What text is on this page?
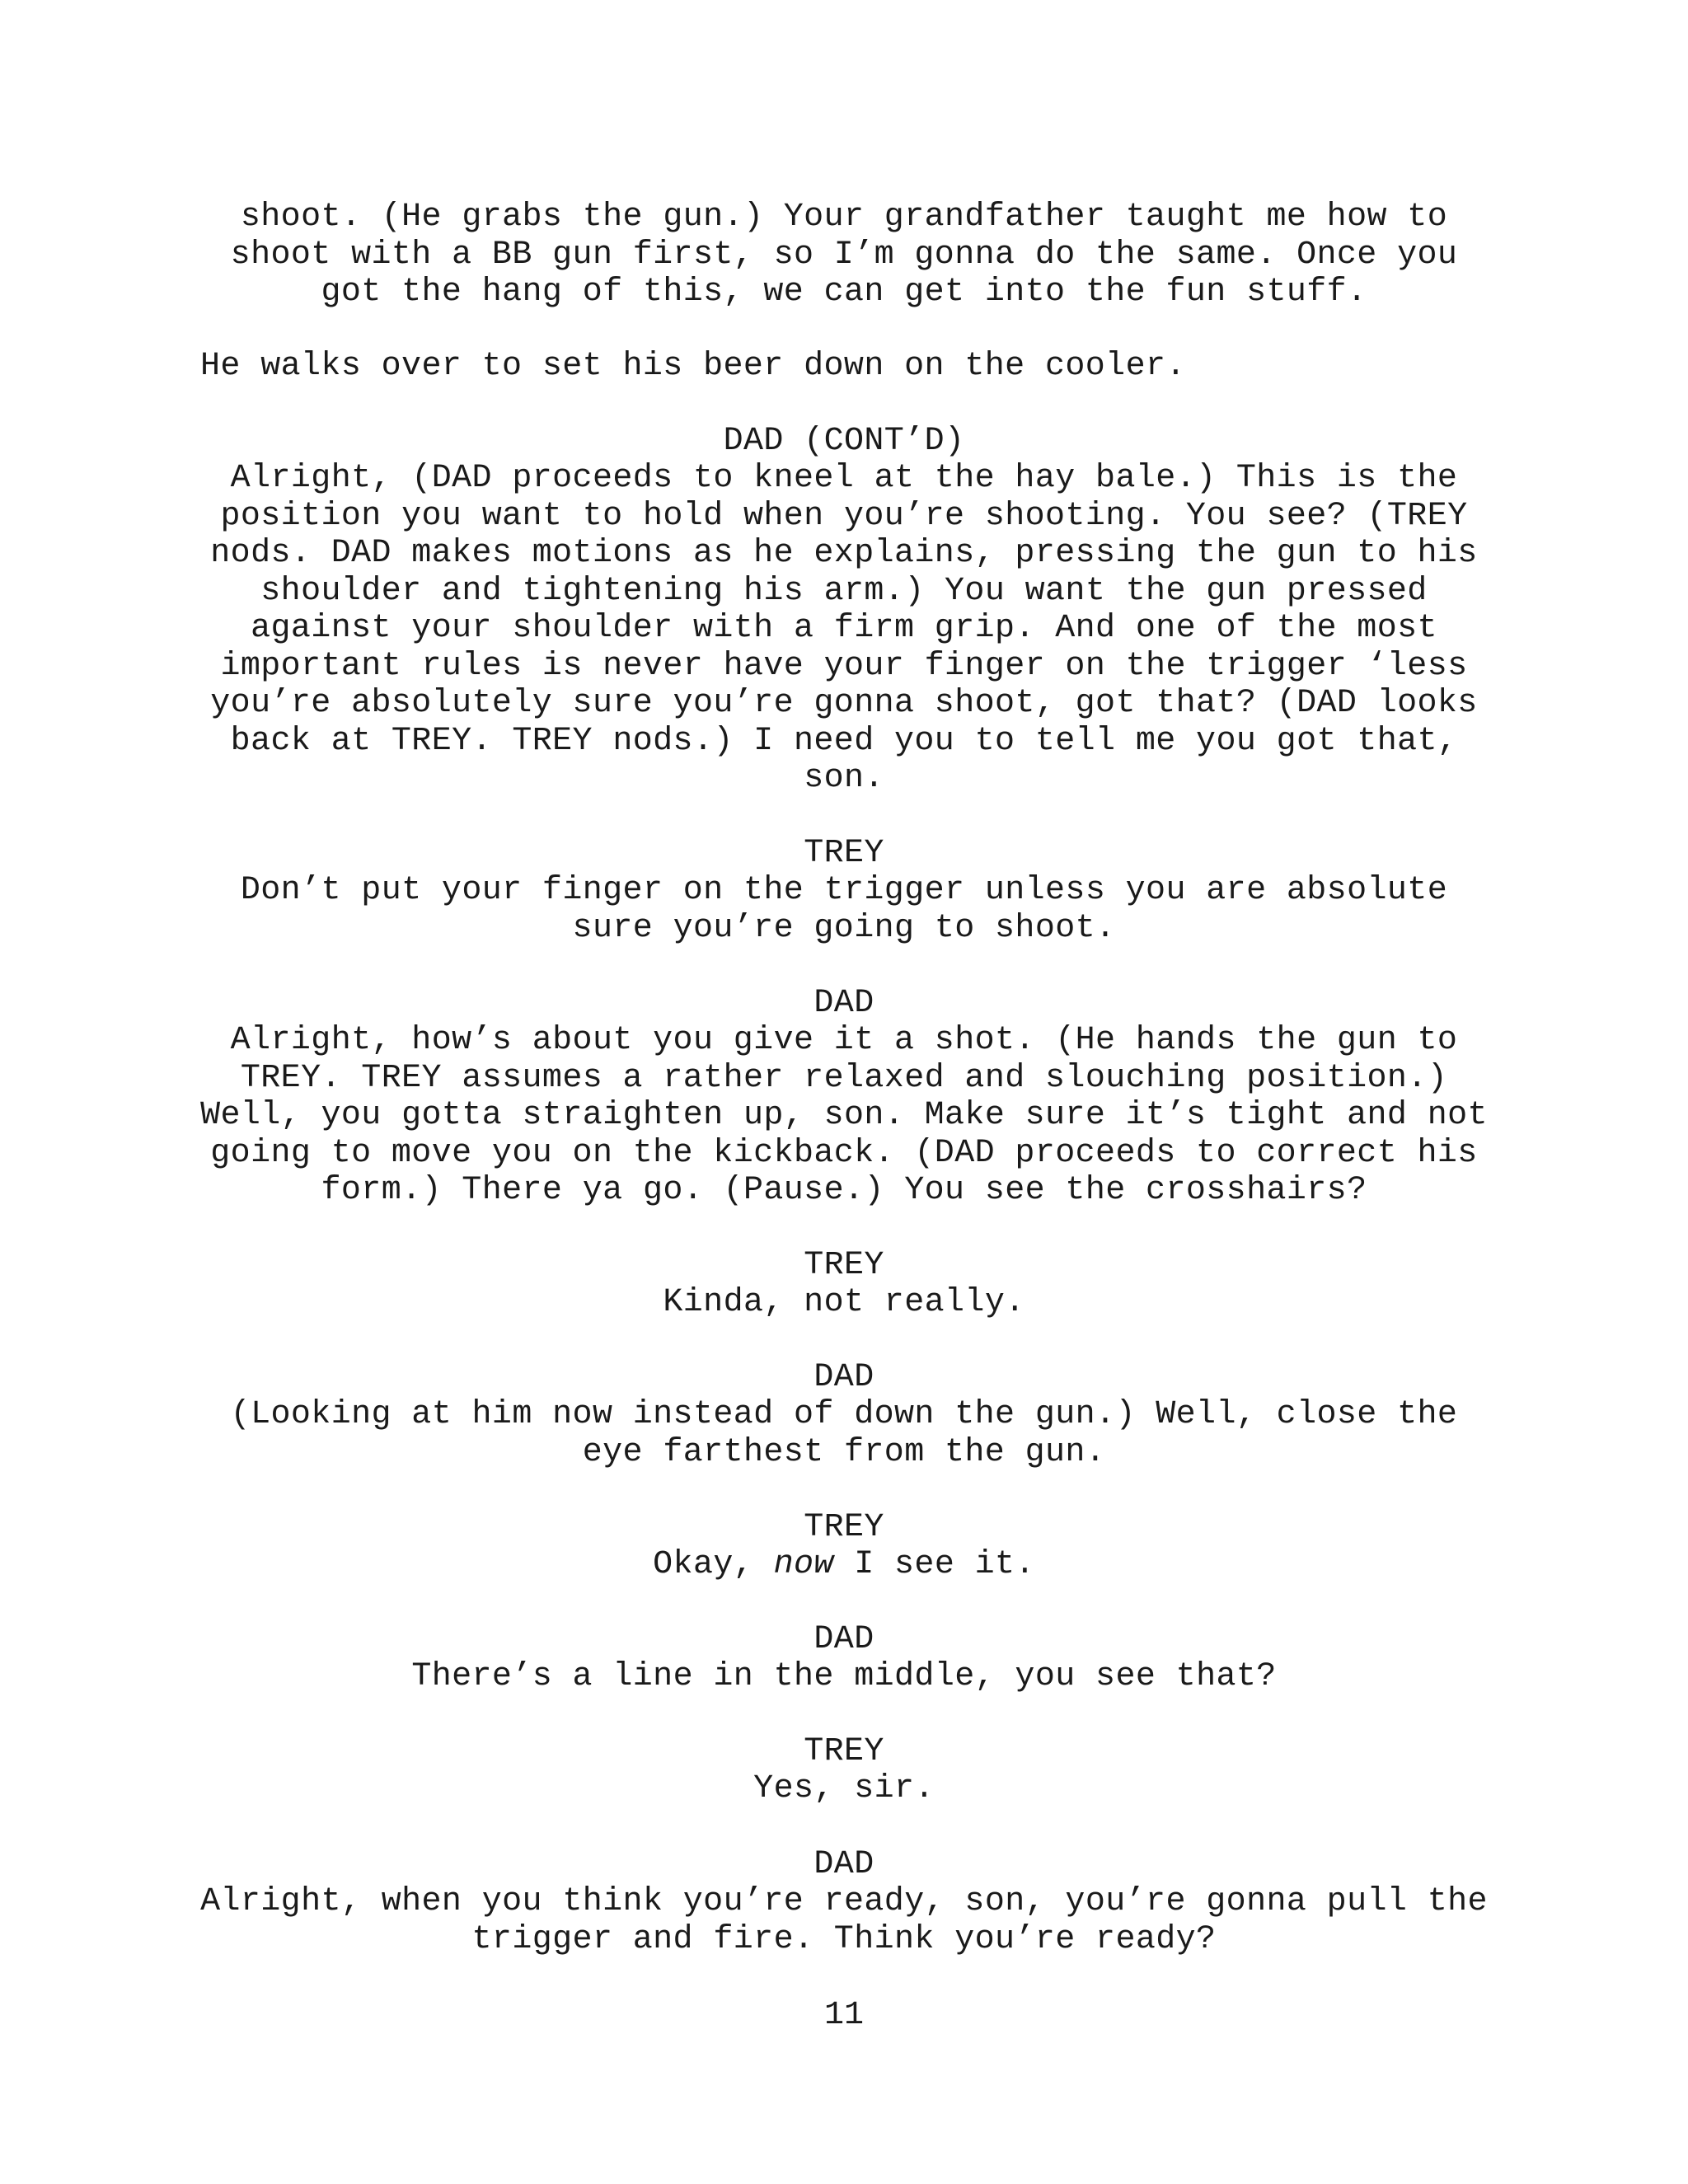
shoot. (He grabs the gun.) Your grandfather taught me how to
shoot with a BB gun first, so I’m gonna do the same. Once you
got the hang of this, we can get into the fun stuff.
He walks over to set his beer down on the cooler.
DAD (CONT’D)
Alright, (DAD proceeds to kneel at the hay bale.) This is the
position you want to hold when you’re shooting. You see? (TREY
nods. DAD makes motions as he explains, pressing the gun to his
shoulder and tightening his arm.) You want the gun pressed
against your shoulder with a firm grip. And one of the most
important rules is never have your finger on the trigger ‘less
you’re absolutely sure you’re gonna shoot, got that? (DAD looks
back at TREY. TREY nods.) I need you to tell me you got that,
son.
TREY
Don’t put your finger on the trigger unless you are absolute
sure you’re going to shoot.
DAD
Alright, how’s about you give it a shot. (He hands the gun to
TREY. TREY assumes a rather relaxed and slouching position.)
Well, you gotta straighten up, son. Make sure it’s tight and not
going to move you on the kickback. (DAD proceeds to correct his
form.) There ya go. (Pause.) You see the crosshairs?
TREY
Kinda, not really.
DAD
(Looking at him now instead of down the gun.) Well, close the
eye farthest from the gun.
TREY
Okay, now I see it.
DAD
There’s a line in the middle, you see that?
TREY
Yes, sir.
DAD
Alright, when you think you’re ready, son, you’re gonna pull the
trigger and fire. Think you’re ready?
11
